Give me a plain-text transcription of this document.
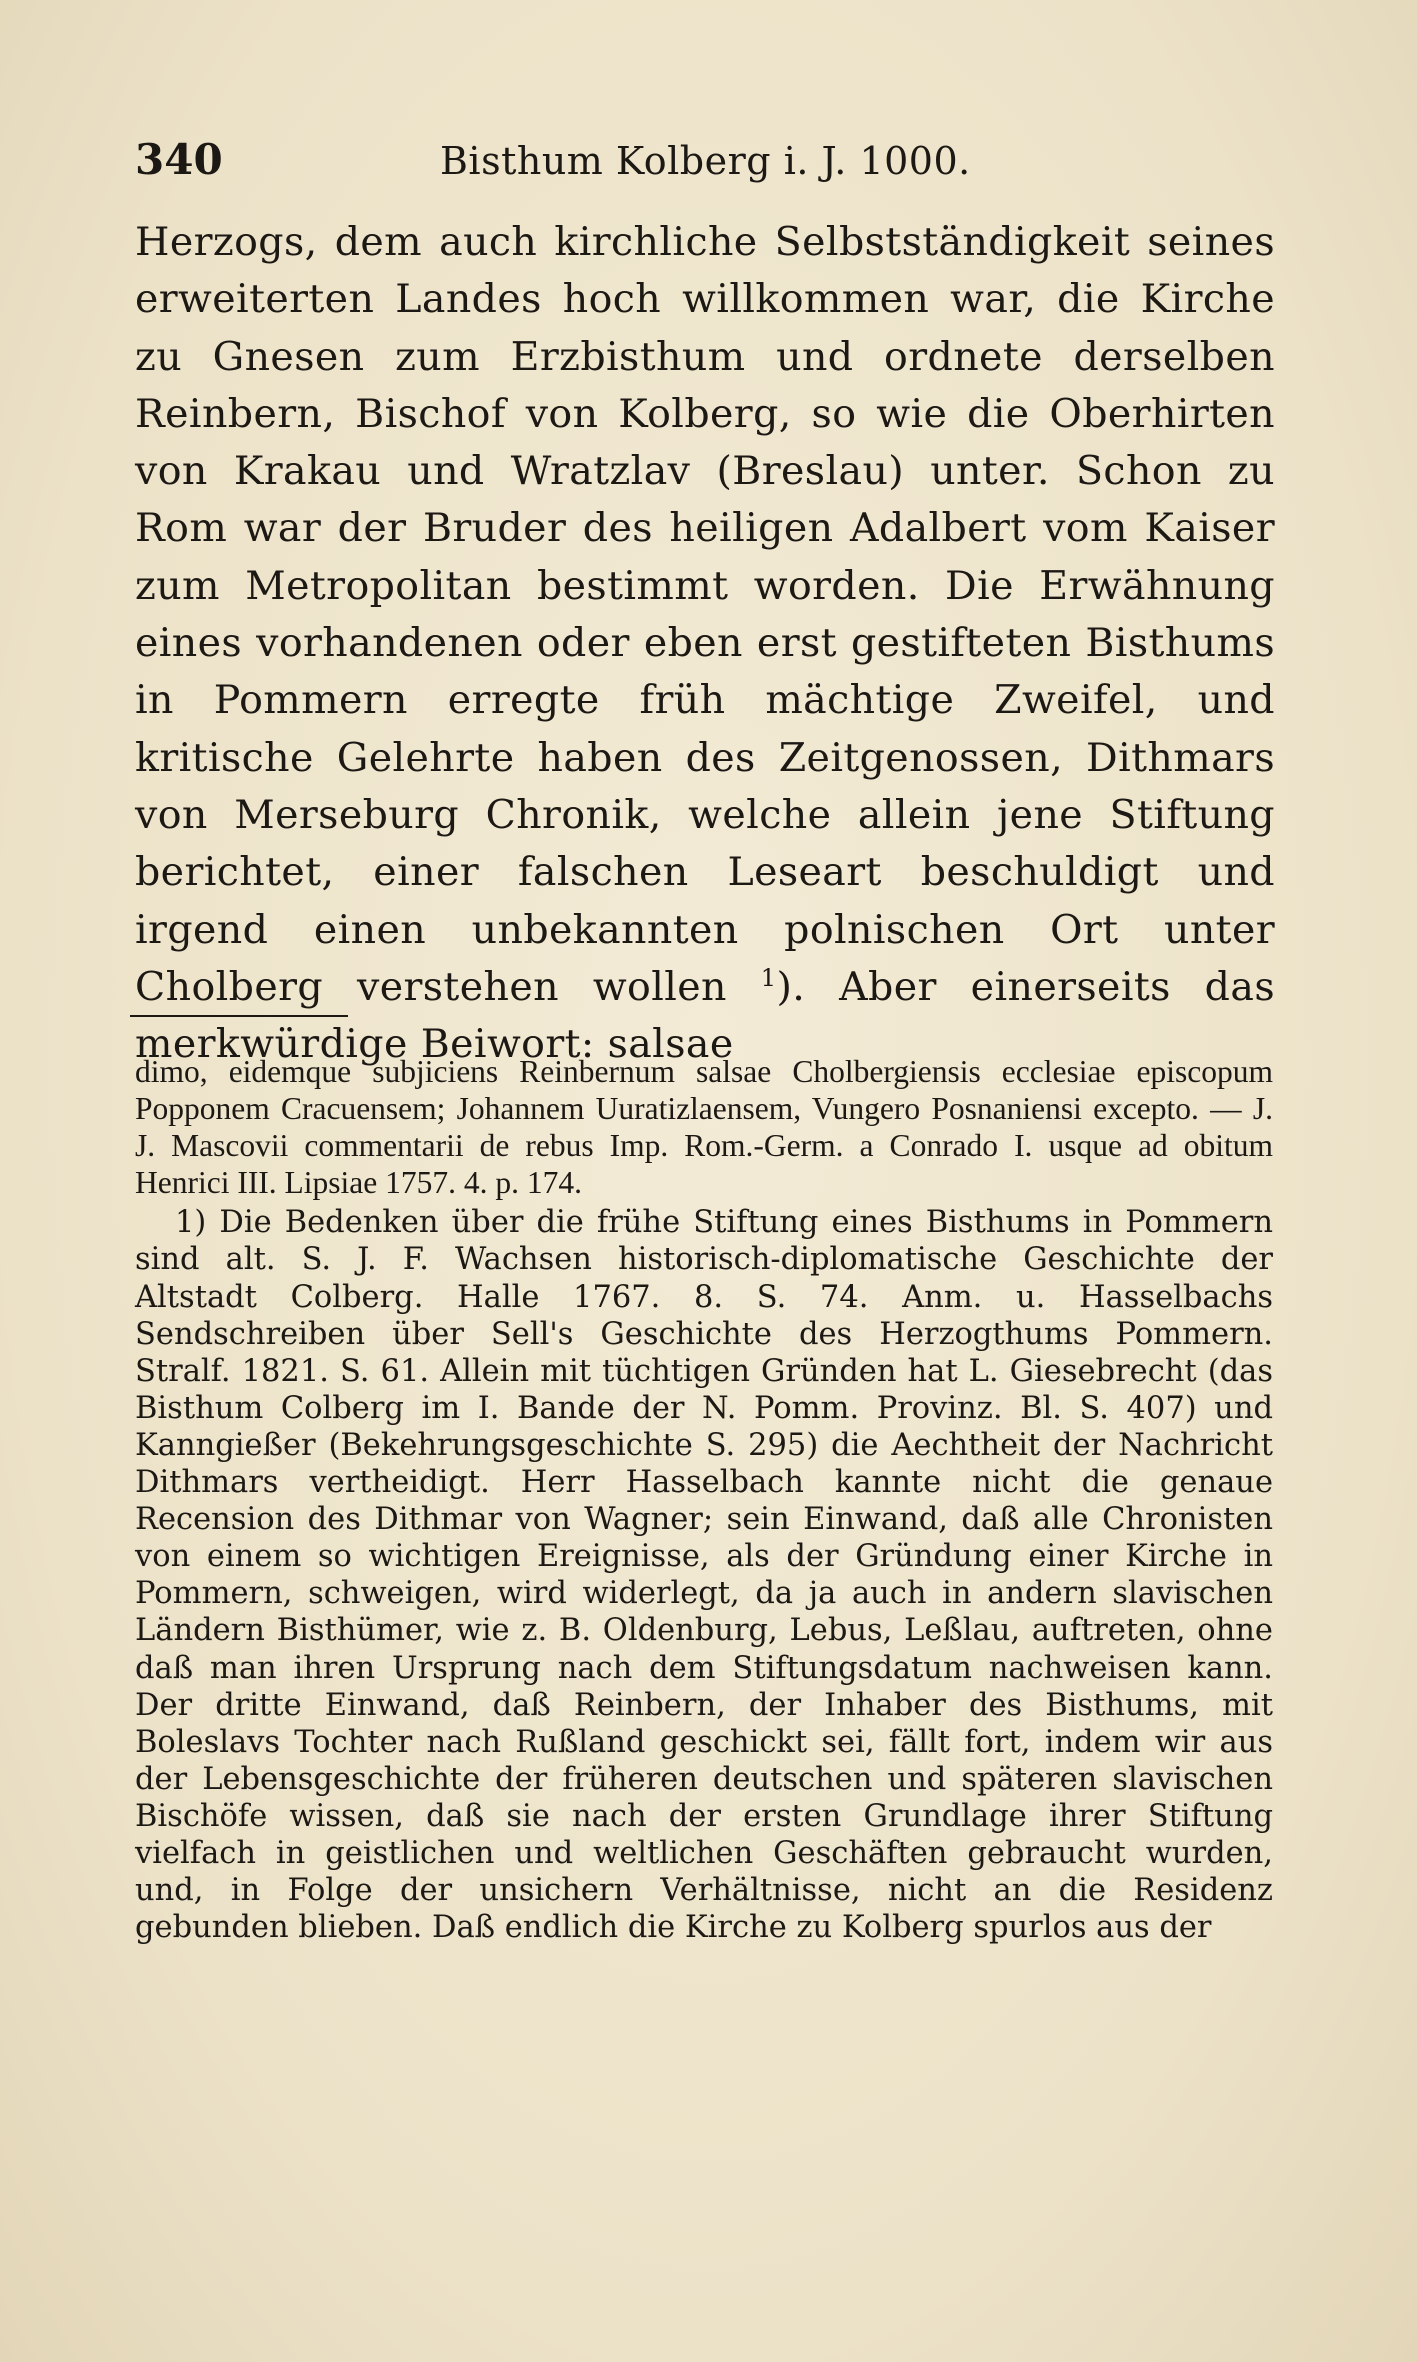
340	Bisthum Kolberg i. J. 1000.

Herzogs, dem auch kirchliche Selbstständigkeit seines erweiterten Landes hoch willkommen war, die Kirche zu Gnesen zum Erzbisthum und ordnete derselben Reinbern, Bischof von Kolberg, so wie die Oberhirten von Krakau und Wratzlav (Breslau) unter. Schon zu Rom war der Bruder des heiligen Adalbert vom Kaiser zum Metropolitan bestimmt worden. Die Erwähnung eines vorhandenen oder eben erst gestifteten Bisthums in Pommern erregte früh mächtige Zweifel, und kritische Gelehrte haben des Zeitgenossen, Dithmars von Merseburg Chronik, welche allein jene Stiftung berichtet, einer falschen Leseart beschuldigt und irgend einen unbekannten polnischen Ort unter Cholberg verstehen wollen $^1$). Aber einerseits das merkwürdige Beiwort: salsae

dimo, eidemque subjiciens Reinbernum salsae Cholbergiensis ecclesiae episcopum Popponem Cracuensem; Johannem Uuratizlaensem, Vungero Posnaniensi excepto. — J. J. Mascovii commentarii de rebus Imp. Rom.-Germ. a Conrado I. usque ad obitum Henrici III. Lipsiae 1757. 4. p. 174.

1) Die Bedenken über die frühe Stiftung eines Bisthums in Pommern sind alt. S. J. F. Wachsen historisch-diplomatische Geschichte der Altstadt Colberg. Halle 1767. 8. S. 74. Anm. u. Hasselbachs Sendschreiben über Sell's Geschichte des Herzogthums Pommern. Stralf. 1821. S. 61. Allein mit tüchtigen Gründen hat L. Giesebrecht (das Bisthum Colberg im I. Bande der N. Pomm. Provinz. Bl. S. 407) und Kanngießer (Bekehrungsgeschichte S. 295) die Aechtheit der Nachricht Dithmars vertheidigt. Herr Hasselbach kannte nicht die genaue Recension des Dithmar von Wagner; sein Einwand, daß alle Chronisten von einem so wichtigen Ereignisse, als der Gründung einer Kirche in Pommern, schweigen, wird widerlegt, da ja auch in andern slavischen Ländern Bisthümer, wie z. B. Oldenburg, Lebus, Leßlau, auftreten, ohne daß man ihren Ursprung nach dem Stiftungsdatum nachweisen kann. Der dritte Einwand, daß Reinbern, der Inhaber des Bisthums, mit Boleslavs Tochter nach Rußland geschickt sei, fällt fort, indem wir aus der Lebensgeschichte der früheren deutschen und späteren slavischen Bischöfe wissen, daß sie nach der ersten Grundlage ihrer Stiftung vielfach in geistlichen und weltlichen Geschäften gebraucht wurden, und, in Folge der unsichern Verhältnisse, nicht an die Residenz gebunden blieben. Daß endlich die Kirche zu Kolberg spurlos aus der
